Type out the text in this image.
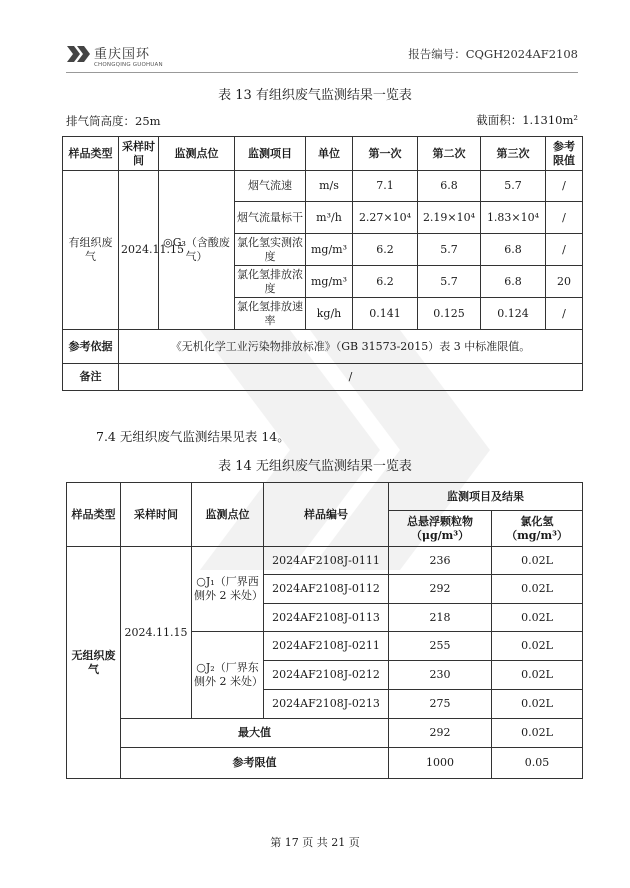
重庆国环
CHONGQING GUOHUAN
报告编号：CQGH2024AF2108
表 13 有组织废气监测结果一览表
排气筒高度：25m	截面积：1.1310m²
样品类型	采样时间	监测点位	监测项目	单位	第一次	第二次	第三次	参考限值
有组织废气	2024.11.15	◎G₃（含酸废气）	烟气流速	m/s	7.1	6.8	5.7	/
			烟气流量标干	m³/h	2.27×10⁴	2.19×10⁴	1.83×10⁴	/
			氯化氢实测浓度	mg/m³	6.2	5.7	6.8	/
			氯化氢排放浓度	mg/m³	6.2	5.7	6.8	20
			氯化氢排放速率	kg/h	0.141	0.125	0.124	/
参考依据	《无机化学工业污染物排放标准》（GB 31573-2015）表 3 中标准限值。							
备注	/							
7.4 无组织废气监测结果见表 14。
表 14 无组织废气监测结果一览表
样品类型	采样时间	监测点位	样品编号	监测项目及结果	
				总悬浮颗粒物（μg/m³）	氯化氢（mg/m³）
无组织废气	2024.11.15	○J₁（厂界西侧外 2 米处）	2024AF2108J-0111	236	0.02L
			2024AF2108J-0112	292	0.02L
			2024AF2108J-0113	218	0.02L
		○J₂（厂界东侧外 2 米处）	2024AF2108J-0211	255	0.02L
			2024AF2108J-0212	230	0.02L
			2024AF2108J-0213	275	0.02L
	最大值			292	0.02L
	参考限值			1000	0.05
第 17 页 共 21 页
